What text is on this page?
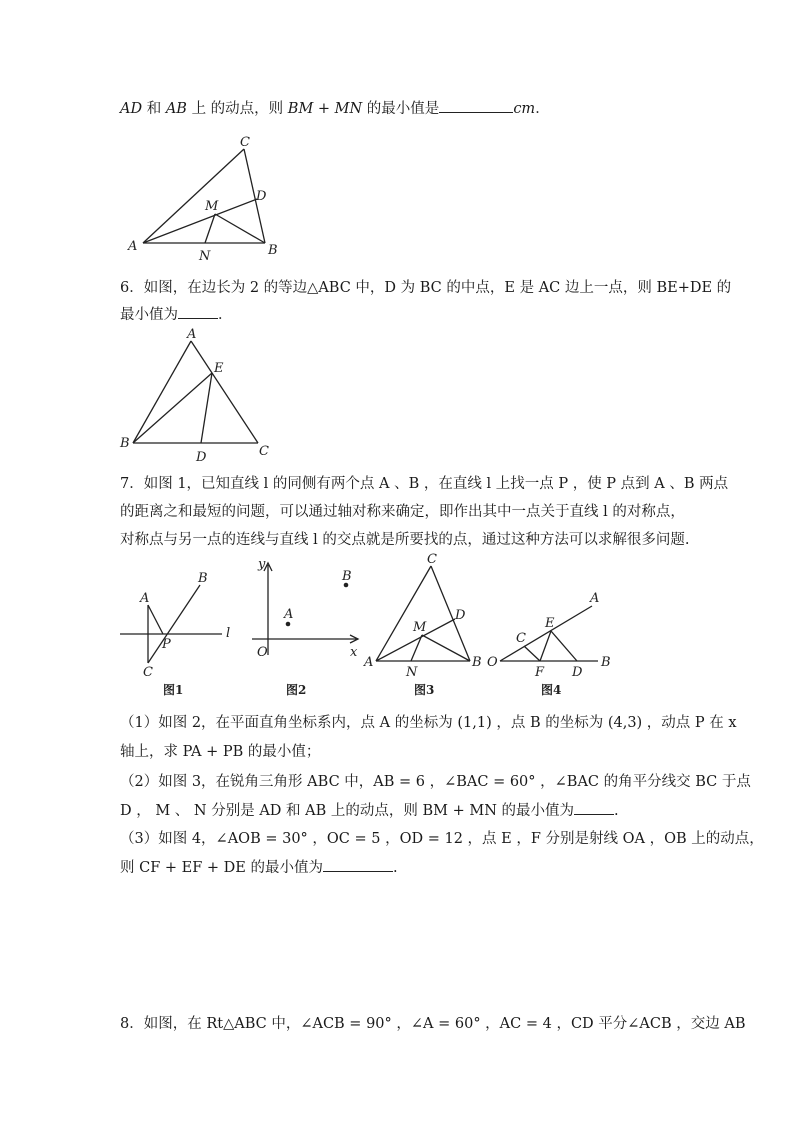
AD 和 AB 上 的动点，则 BM + MN 的最小值是	cm．
C
D
M
A
N	B
6．如图，在边长为 2 的等边△ABC 中，D 为 BC 的中点，E 是 AC 边上一点，则 BE+DE 的
最小值为	．
A
E
B
D	C
7．如图 1，已知直线 l 的同侧有两个点 A 、B ，在直线 l 上找一点 P ，使 P 点到 A 、B 两点
的距离之和最短的问题，可以通过轴对称来确定，即作出其中一点关于直线 l 的对称点，
对称点与另一点的连线与直线 l 的交点就是所要找的点，通过这种方法可以求解很多问题.
A
B
P
l
C
图1
y
B
A
O	x
图2
C
D
M
A
N
B
图3
A
E
C
O
F D
B
图4
（1）如图 2，在平面直角坐标系内，点 A 的坐标为 (1,1) ，点 B 的坐标为 (4,3) ，动点 P 在 x
轴上，求 PA + PB 的最小值；
（2）如图 3，在锐角三角形 ABC 中，AB = 6 ，∠BAC = 60° ，∠BAC 的角平分线交 BC 于点
D ， M 、 N 分别是 AD 和 AB 上的动点，则 BM + MN 的最小值为	.
（3）如图 4，∠AOB = 30° ，OC = 5 ，OD = 12 ，点 E ，F 分别是射线 OA ，OB 上的动点，
则 CF + EF + DE 的最小值为	.
8．如图，在 Rt△ABC 中，∠ACB = 90° ，∠A = 60° ，AC = 4 ，CD 平分∠ACB ，交边 AB
